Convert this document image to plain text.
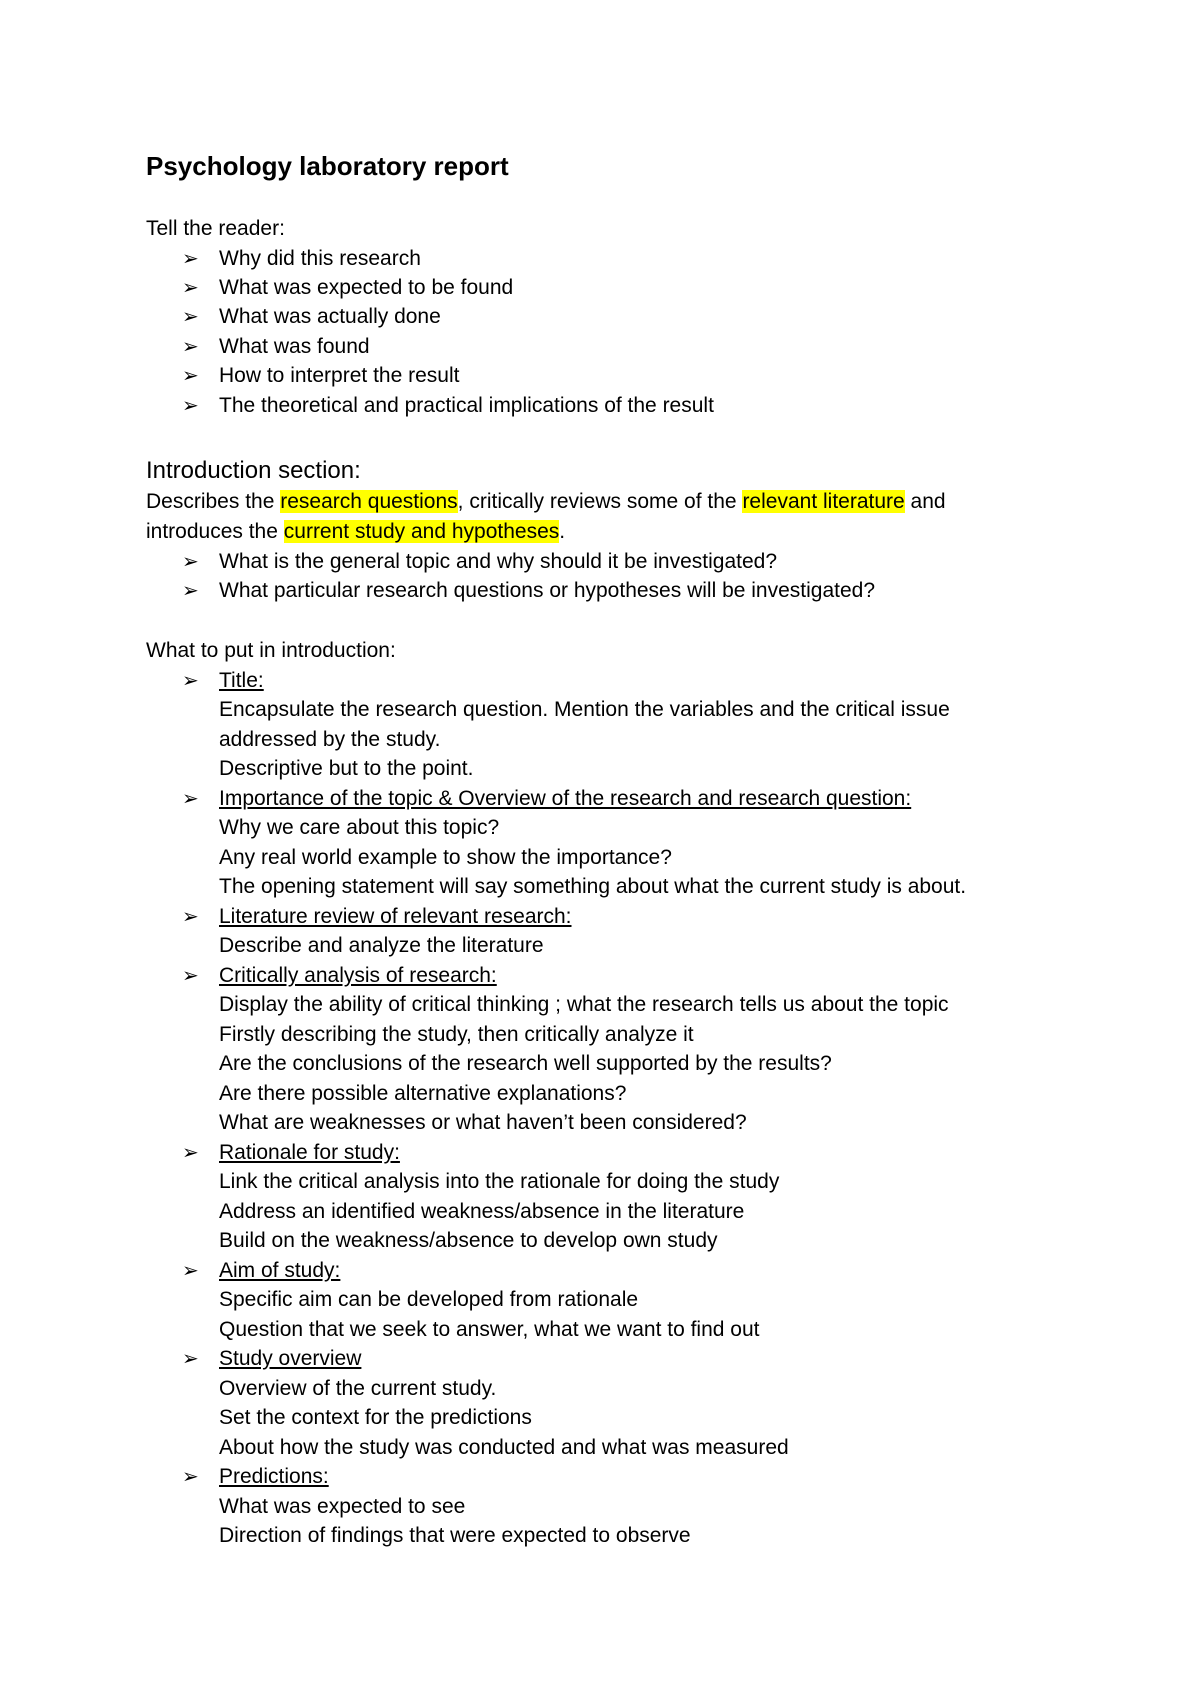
Psychology laboratory report
Tell the reader:
➢ Why did this research
➢ What was expected to be found
➢ What was actually done
➢ What was found
➢ How to interpret the result
➢ The theoretical and practical implications of the result
Introduction section:
Describes the research questions, critically reviews some of the relevant literature and
introduces the current study and hypotheses.
➢ What is the general topic and why should it be investigated?
➢ What particular research questions or hypotheses will be investigated?
What to put in introduction:
➢ Title:
Encapsulate the research question. Mention the variables and the critical issue
addressed by the study.
Descriptive but to the point.
➢ Importance of the topic & Overview of the research and research question:
Why we care about this topic?
Any real world example to show the importance?
The opening statement will say something about what the current study is about.
➢ Literature review of relevant research:
Describe and analyze the literature
➢ Critically analysis of research:
Display the ability of critical thinking ; what the research tells us about the topic
Firstly describing the study, then critically analyze it
Are the conclusions of the research well supported by the results?
Are there possible alternative explanations?
What are weaknesses or what haven’t been considered?
➢ Rationale for study:
Link the critical analysis into the rationale for doing the study
Address an identified weakness/absence in the literature
Build on the weakness/absence to develop own study
➢ Aim of study:
Specific aim can be developed from rationale
Question that we seek to answer, what we want to find out
➢ Study overview
Overview of the current study.
Set the context for the predictions
About how the study was conducted and what was measured
➢ Predictions:
What was expected to see
Direction of findings that were expected to observe
